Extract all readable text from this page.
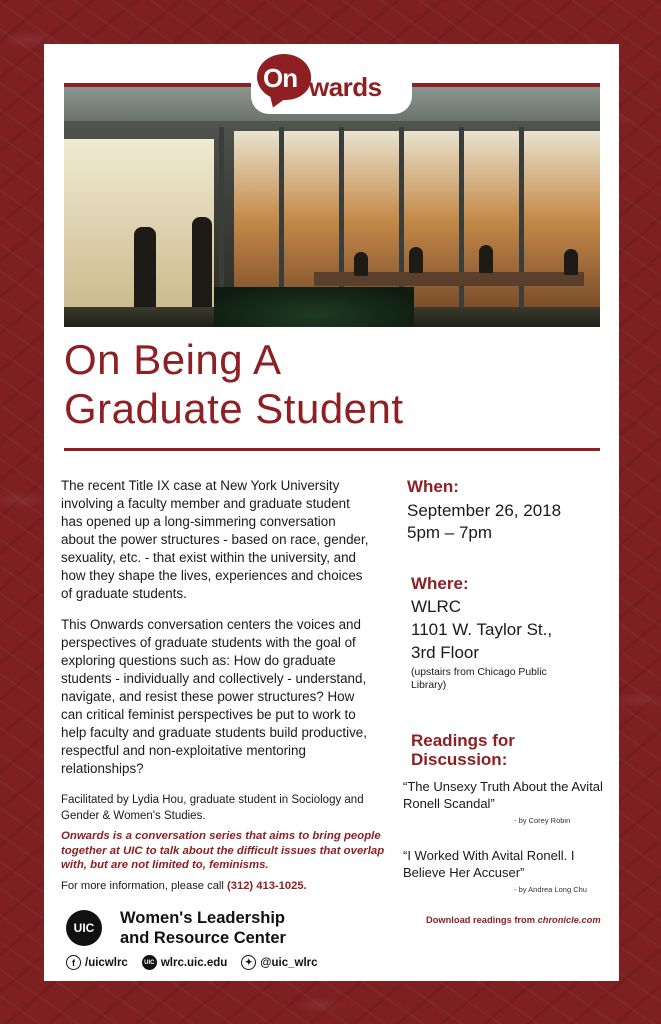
On wards
On Being A
Graduate Student

The recent Title IX case at New York University involving a faculty member and graduate student has opened up a long-simmering conversation about the power structures - based on race, gender, sexuality, etc. - that exist within the university, and how they shape the lives, experiences and choices of graduate students.

This Onwards conversation centers the voices and perspectives of graduate students with the goal of exploring questions such as: How do graduate students - individually and collectively - understand, navigate, and resist these power structures? How can critical feminist perspectives be put to work to help faculty and graduate students build productive, respectful and non-exploitative mentoring relationships?

Facilitated by Lydia Hou, graduate student in Sociology and Gender & Women's Studies.

Onwards is a conversation series that aims to bring people together at UIC to talk about the difficult issues that overlap with, but are not limited to, feminisms.

For more information, please call (312) 413-1025.

UIC

Women's Leadership
and Resource Center

f /uicwlrc	UIC wlrc.uic.edu	✦ @uic_wlrc

When:

September 26, 2018

5pm – 7pm

Where:

WLRC

1101 W. Taylor St.,

3rd Floor

(upstairs from Chicago Public Library)

Readings for Discussion:

“The Unsexy Truth About the Avital Ronell Scandal”

- by Corey Robin

“I Worked With Avital Ronell. I Believe Her Accuser”

- by Andrea Long Chu

Download readings from chronicle.com
